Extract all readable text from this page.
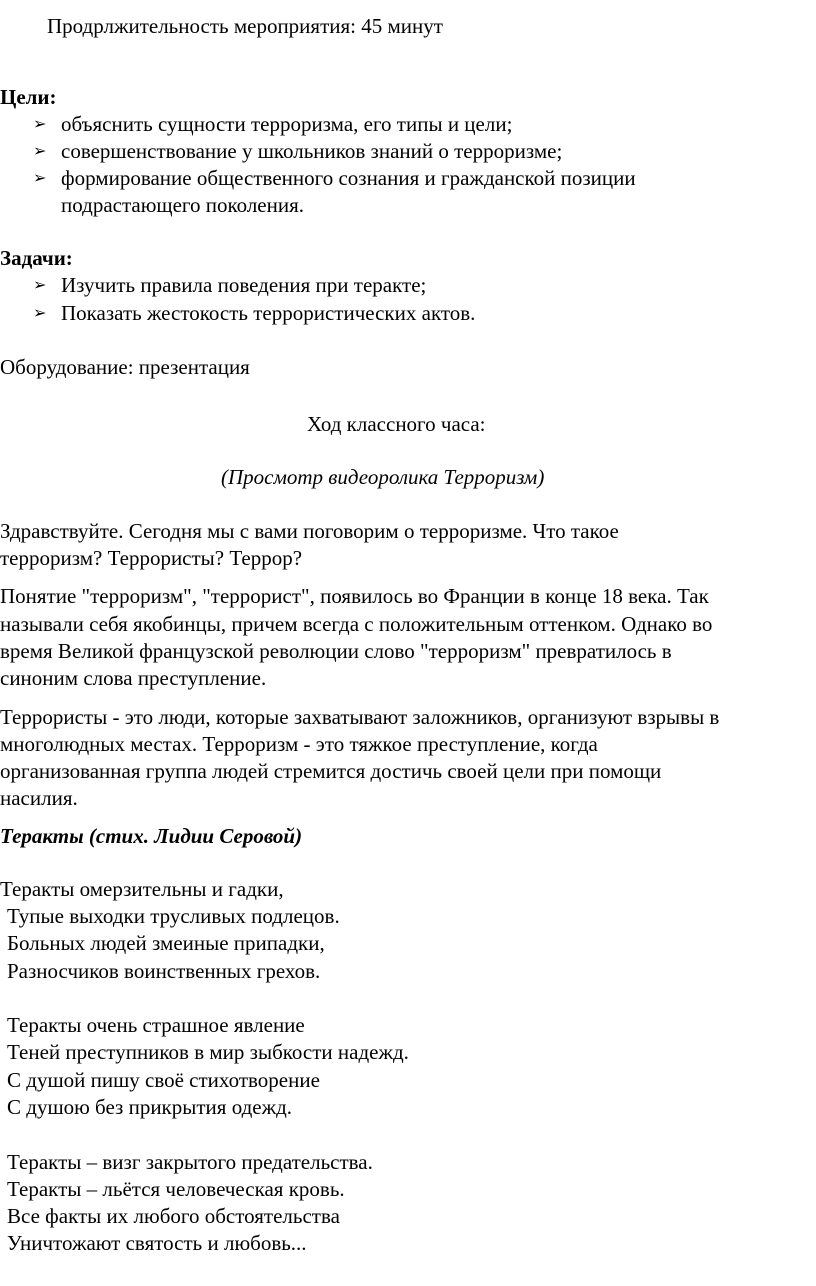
Продрлжительность мероприятия: 45 минут
Цели:
➢ объяснить сущности терроризма, его типы и цели;
➢ совершенствование у школьников знаний о терроризме;
➢ формирование общественного сознания и гражданской позиции
подрастающего поколения.
Задачи:
➢ Изучить правила поведения при теракте;
➢ Показать жестокость террористических актов.
Оборудование: презентация
Ход классного часа:
(Просмотр видеоролика Терроризм)
Здравствуйте. Сегодня мы с вами поговорим о терроризме. Что такое
терроризм? Террористы? Террор?
Понятие "терроризм", "террорист", появилось во Франции в конце 18 века. Так
называли себя якобинцы, причем всегда с положительным оттенком. Однако во
время Великой французской революции слово "терроризм" превратилось в
синоним слова преступление.
Террористы - это люди, которые захватывают заложников, организуют взрывы в
многолюдных местах. Терроризм - это тяжкое преступление, когда
организованная группа людей стремится достичь своей цели при помощи
насилия.
Теракты (стих. Лидии Серовой)
Теракты омерзительны и гадки,
Тупые выходки трусливых подлецов.
Больных людей змеиные припадки,
Разносчиков воинственных грехов.
Теракты очень страшное явление
Теней преступников в мир зыбкости надежд.
С душой пишу своё стихотворение
С душою без прикрытия одежд.
Теракты – визг закрытого предательства.
Теракты – льётся человеческая кровь.
Все факты их любого обстоятельства
Уничтожают святость и любовь...
